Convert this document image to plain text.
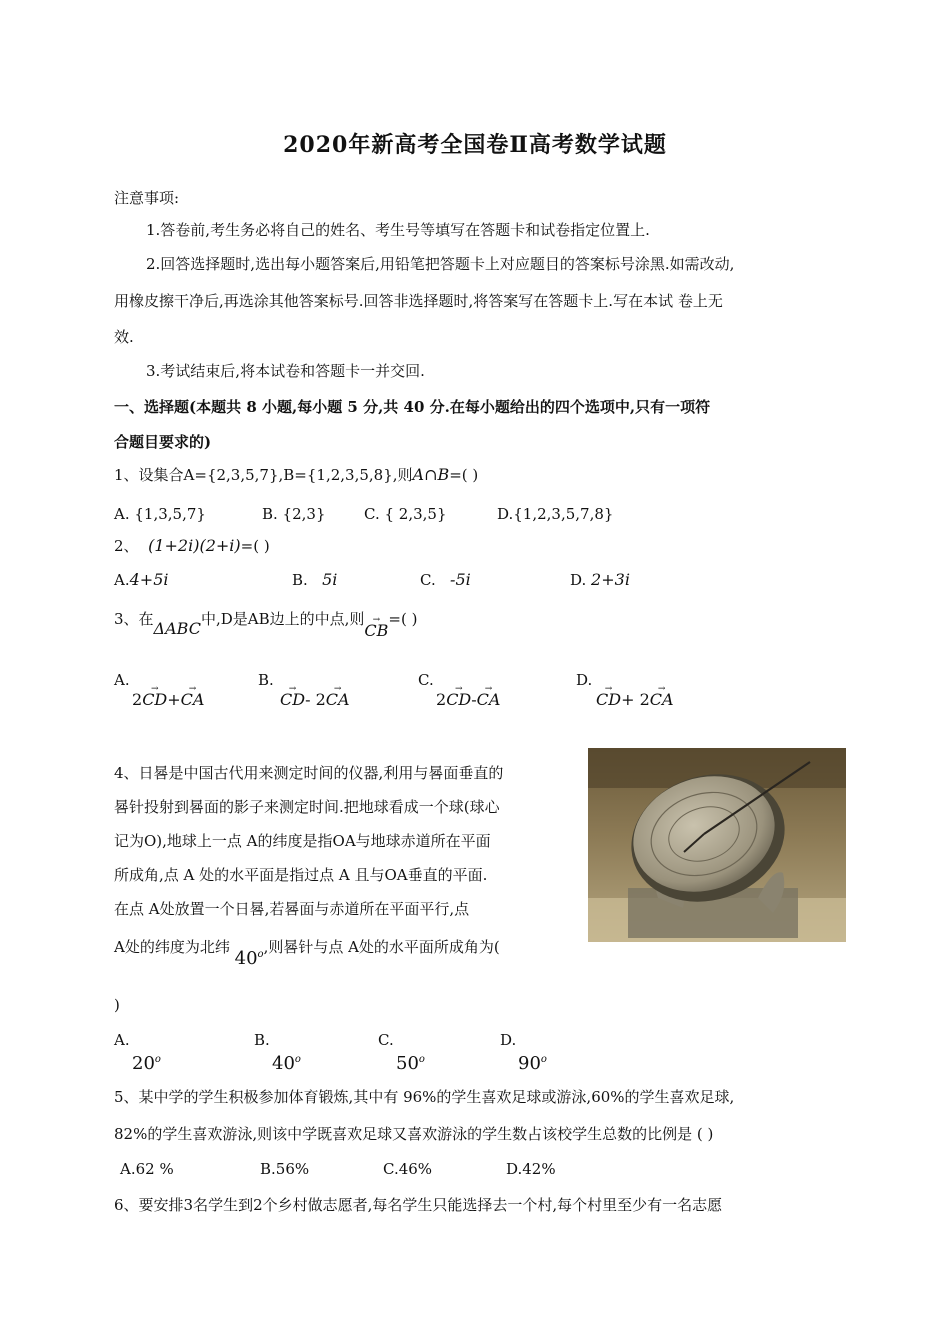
2020年新高考全国卷Ⅱ高考数学试题
注意事项:
1.答卷前,考生务必将自己的姓名、考生号等填写在答题卡和试卷指定位置上.
2.回答选择题时,选出每小题答案后,用铅笔把答题卡上对应题目的答案标号涂黑.如需改动,
用橡皮擦干净后,再选涂其他答案标号.回答非选择题时,将答案写在答题卡上.写在本试 卷上无
效.
3.考试结束后,将本试卷和答题卡一并交回.
一、选择题(本题共 8 小题,每小题 5 分,共 40 分.在每小题给出的四个选项中,只有一项符
合题目要求的)
1、设集合A={2,3,5,7},B={1,2,3,5,8},则A∩B=( )
A. {1,3,5,7}	B. {2,3}	C. { 2,3,5}	D.{1,2,3,5,7,8}
2、 (1+2i)(2+i)=( )
A.4+5i	B. 5i	C. -5i	D. 2+3i
3、在ΔABC中,D是AB边上的中点,则→ CB=( )
A.
2→ CD+→ CA
B.
→ CD- 2→ CA
C.
2→ CD-→ CA
D.
→ CD+ 2→ CA
4、日晷是中国古代用来测定时间的仪器,利用与晷面垂直的
晷针投射到晷面的影子来测定时间.把地球看成一个球(球心
记为O),地球上一点 A的纬度是指OA与地球赤道所在平面
所成角,点 A 处的水平面是指过点 A 且与OA垂直的平面.
在点 A处放置一个日晷,若晷面与赤道所在平面平行,点
A处的纬度为北纬 40$^o$,则晷针与点 A处的水平面所成角为(
)
A.
20$^o$
B.
40$^o$
C.
50$^o$
D.
90$^o$
5、某中学的学生积极参加体育锻炼,其中有 96%的学生喜欢足球或游泳,60%的学生喜欢足球,
82%的学生喜欢游泳,则该中学既喜欢足球又喜欢游泳的学生数占该校学生总数的比例是 ( )
A.62 %	B.56%	C.46%	D.42%
6、要安排3名学生到2个乡村做志愿者,每名学生只能选择去一个村,每个村里至少有一名志愿
